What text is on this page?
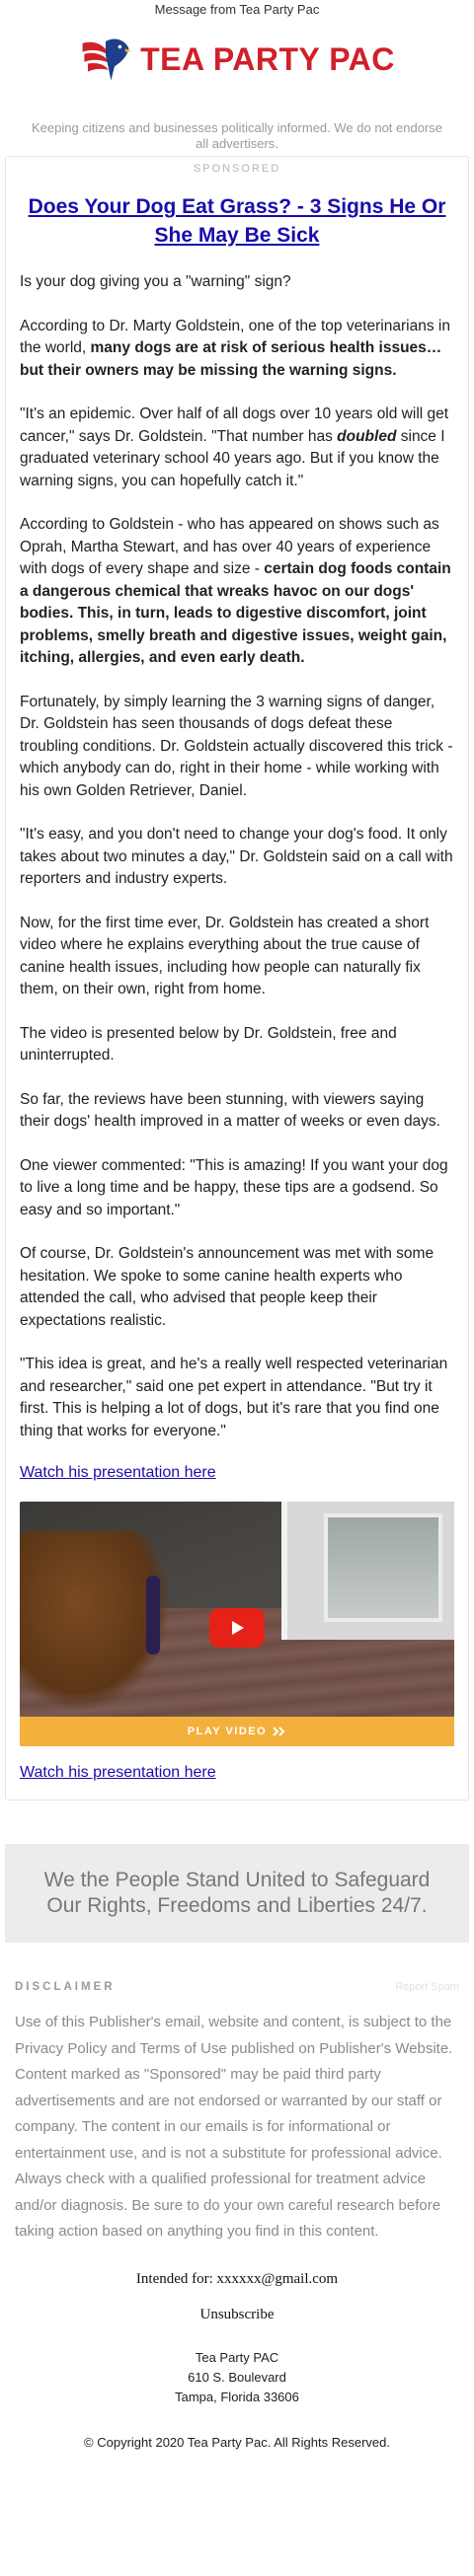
Message from Tea Party Pac
TEA PARTY PAC
Keeping citizens and businesses politically informed. We do not endorse all advertisers.
SPONSORED
Does Your Dog Eat Grass? - 3 Signs He Or She May Be Sick

Is your dog giving you a "warning" sign?

According to Dr. Marty Goldstein, one of the top veterinarians in the world, many dogs are at risk of serious health issues… but their owners may be missing the warning signs.

"It's an epidemic. Over half of all dogs over 10 years old will get cancer," says Dr. Goldstein. "That number has doubled since I graduated veterinary school 40 years ago. But if you know the warning signs, you can hopefully catch it."

According to Goldstein - who has appeared on shows such as Oprah, Martha Stewart, and has over 40 years of experience with dogs of every shape and size - certain dog foods contain a dangerous chemical that wreaks havoc on our dogs' bodies. This, in turn, leads to digestive discomfort, joint problems, smelly breath and digestive issues, weight gain, itching, allergies, and even early death.

Fortunately, by simply learning the 3 warning signs of danger, Dr. Goldstein has seen thousands of dogs defeat these troubling conditions. Dr. Goldstein actually discovered this trick - which anybody can do, right in their home - while working with his own Golden Retriever, Daniel.

"It's easy, and you don't need to change your dog's food. It only takes about two minutes a day," Dr. Goldstein said on a call with reporters and industry experts.

Now, for the first time ever, Dr. Goldstein has created a short video where he explains everything about the true cause of canine health issues, including how people can naturally fix them, on their own, right from home.

The video is presented below by Dr. Goldstein, free and uninterrupted.

So far, the reviews have been stunning, with viewers saying their dogs' health improved in a matter of weeks or even days.

One viewer commented: "This is amazing! If you want your dog to live a long time and be happy, these tips are a godsend. So easy and so important."

Of course, Dr. Goldstein's announcement was met with some hesitation. We spoke to some canine health experts who attended the call, who advised that people keep their expectations realistic.

"This idea is great, and he's a really well respected veterinarian and researcher," said one pet expert in attendance. "But try it first. This is helping a lot of dogs, but it's rare that you find one thing that works for everyone."

Watch his presentation here
PLAY VIDEO
Watch his presentation here
We the People Stand United to Safeguard Our Rights, Freedoms and Liberties 24/7.
DISCLAIMER	Report Spam
Use of this Publisher's email, website and content, is subject to the Privacy Policy and Terms of Use published on Publisher's Website. Content marked as "Sponsored" may be paid third party advertisements and are not endorsed or warranted by our staff or company. The content in our emails is for informational or entertainment use, and is not a substitute for professional advice. Always check with a qualified professional for treatment advice and/or diagnosis. Be sure to do your own careful research before taking action based on anything you find in this content.
Intended for: xxxxxx@gmail.com
Unsubscribe
Tea Party PAC
610 S. Boulevard
Tampa, Florida 33606
© Copyright 2020 Tea Party Pac. All Rights Reserved.
